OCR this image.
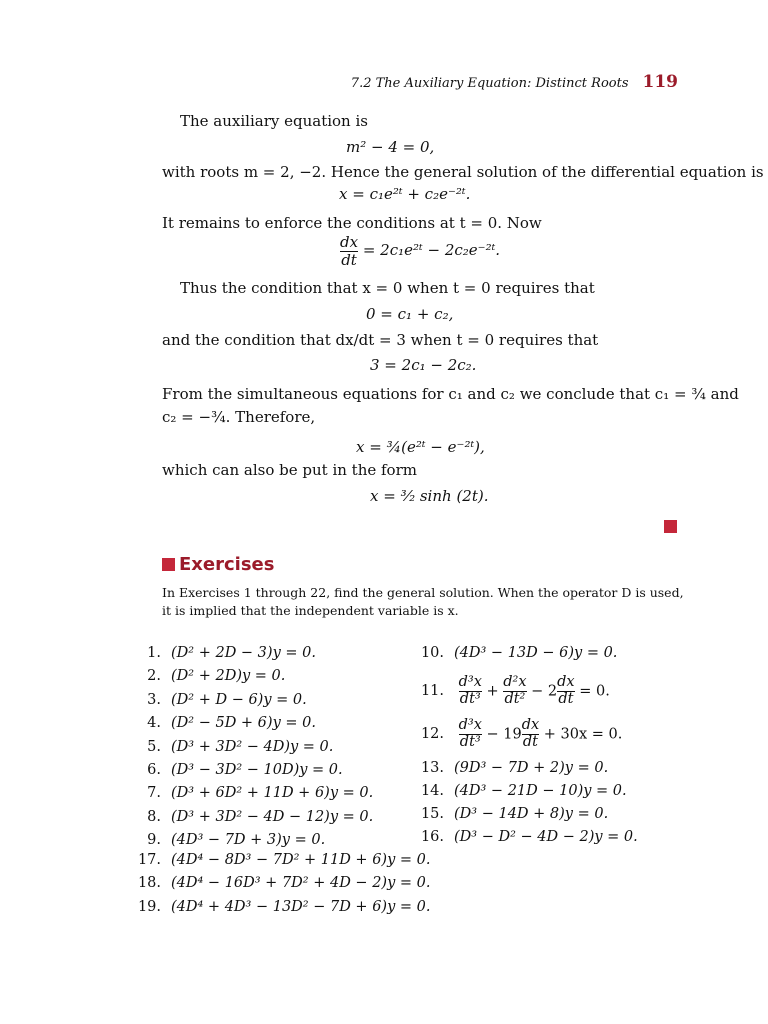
7.2 The Auxiliary Equation: Distinct Roots 119
The auxiliary equation is
m² − 4 = 0,
with roots m = 2, −2. Hence the general solution of the differential equation is
x = c₁e²ᵗ + c₂e⁻²ᵗ.
It remains to enforce the conditions at t = 0. Now
$\frac{dx}{dt}$ = 2c₁e²ᵗ − 2c₂e⁻²ᵗ.
Thus the condition that x = 0 when t = 0 requires that
0 = c₁ + c₂,
and the condition that dx/dt = 3 when t = 0 requires that
3 = 2c₁ − 2c₂.
From the simultaneous equations for c₁ and c₂ we conclude that c₁ = ¾ and
c₂ = −¾. Therefore,
x = ¾(e²ᵗ − e⁻²ᵗ),
which can also be put in the form
x = ³⁄₂ sinh (2t).
Exercises
In Exercises 1 through 22, find the general solution. When the operator D is used, it is implied that the independent variable is x.
1. (D² + 2D − 3)y = 0.
2. (D² + 2D)y = 0.
3. (D² + D − 6)y = 0.
4. (D² − 5D + 6)y = 0.
5. (D³ + 3D² − 4D)y = 0.
6. (D³ − 3D² − 10D)y = 0.
7. (D³ + 6D² + 11D + 6)y = 0.
8. (D³ + 3D² − 4D − 12)y = 0.
9. (4D³ − 7D + 3)y = 0.
10. (4D³ − 13D − 6)y = 0.
13. (9D³ − 7D + 2)y = 0.
14. (4D³ − 21D − 10)y = 0.
15. (D³ − 14D + 8)y = 0.
16. (D³ − D² − 4D − 2)y = 0.
11. $\frac{\text{d³x}}{\text{dt³}} + \frac{\text{d²x}}{\text{dt²}} - 2 \frac{dx}{dt} = 0$.
12. $\frac{\text{d³x}}{\text{dt³}} - 19 \frac{dx}{dt} + 30x = 0$.
17. (4D⁴ − 8D³ − 7D² + 11D + 6)y = 0.
18. (4D⁴ − 16D³ + 7D² + 4D − 2)y = 0.
19. (4D⁴ + 4D³ − 13D² − 7D + 6)y = 0.
